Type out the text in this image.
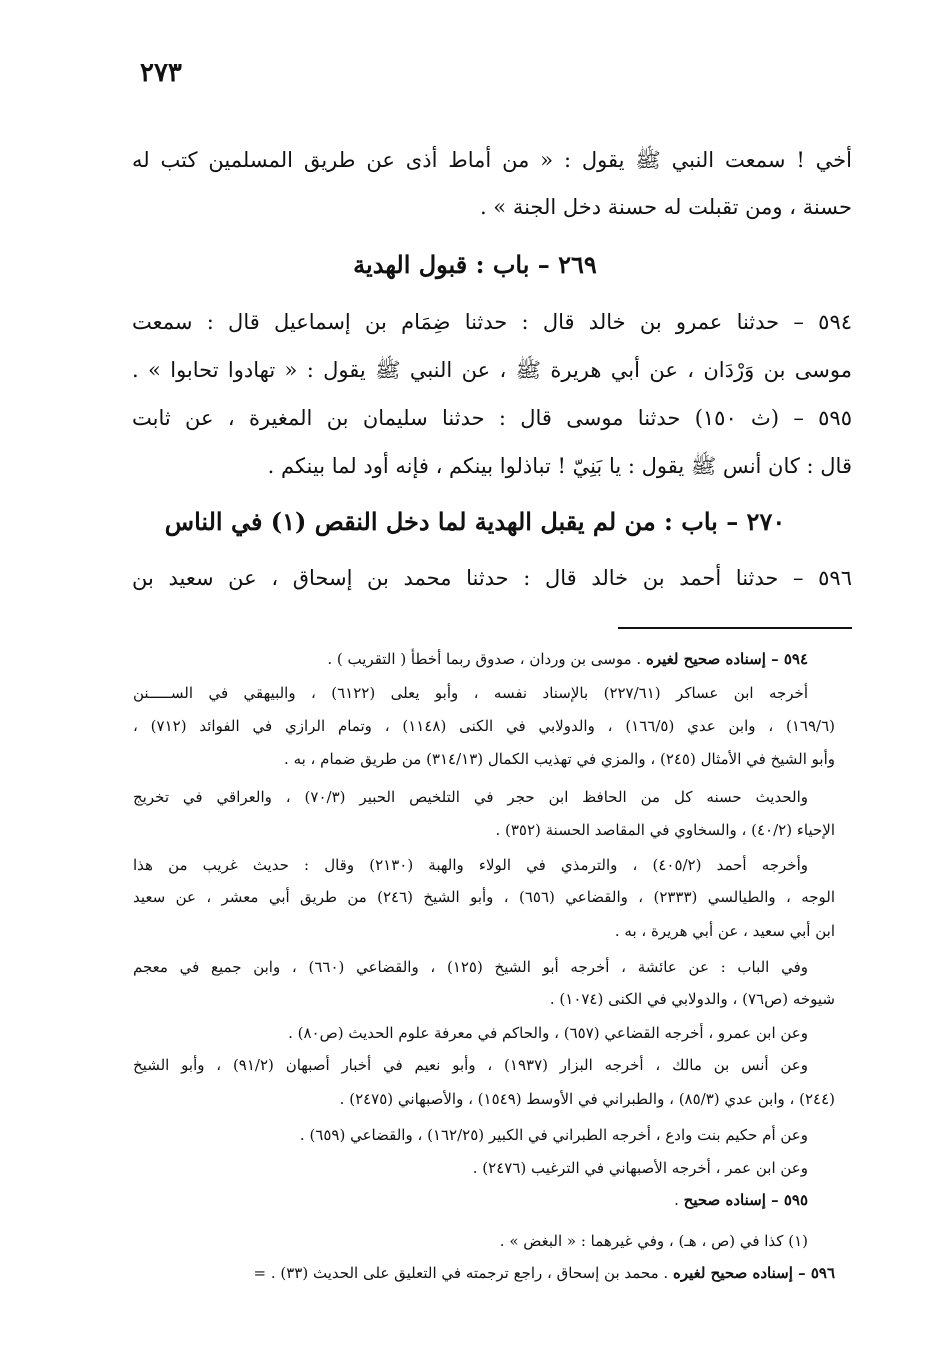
٢٧٣
أخي ! سمعت النبي ﷺ يقول : « من أماط أذى عن طريق المسلمين كتب له
حسنة ، ومن تقبلت له حسنة دخل الجنة » .
٢٦٩ – باب : قبول الهدية
٥٩٤ – حدثنا عمرو بن خالد قال : حدثنا ضِمَام بن إسماعيل قال : سمعت
موسى بن وَرْدَان ، عن أبي هريرة ﷺ ، عن النبي ﷺ يقول : « تهادوا تحابوا » .
٥٩٥ – (ث ١٥٠) حدثنا موسى قال : حدثنا سليمان بن المغيرة ، عن ثابت
قال : كان أنس ﷺ يقول : يا بَنِيّ ! تباذلوا بينكم ، فإنه أود لما بينكم .
٢٧٠ – باب : من لم يقبل الهدية لما دخل النقص (١) في الناس
٥٩٦ – حدثنا أحمد بن خالد قال : حدثنا محمد بن إسحاق ، عن سعيد بن
٥٩٤ – إسناده صحيح لغيره . موسى بن وردان ، صدوق ربما أخطأ ( التقريب ) .
أخرجه ابن عساكر (٢٢٧/٦١) بالإسناد نفسه ، وأبو يعلى (٦١٢٢) ، والبيهقي في السـ‍ـ‍ـ‍ـ‍ـنن
(١٦٩/٦) ، وابن عدي (١٦٦/٥) ، والدولابي في الكنى (١١٤٨) ، وتمام الرازي في الفوائد (٧١٢) ،
وأبو الشيخ في الأمثال (٢٤٥) ، والمزي في تهذيب الكمال (٣١٤/١٣) من طريق ضمام ، به .
والحديث حسنه كل من الحافظ ابن حجر في التلخيص الحبير (٧٠/٣) ، والعراقي في تخريج
الإحياء (٤٠/٢) ، والسخاوي في المقاصد الحسنة (٣٥٢) .
وأخرجه أحمد (٤٠٥/٢) ، والترمذي في الولاء والهبة (٢١٣٠) وقال : حديث غريب من هذا
الوجه ، والطيالسي (٢٣٣٣) ، والقضاعي (٦٥٦) ، وأبو الشيخ (٢٤٦) من طريق أبي معشر ، عن سعيد
ابن أبي سعيد ، عن أبي هريرة ، به .
وفي الباب : عن عائشة ، أخرجه أبو الشيخ (١٢٥) ، والقضاعي (٦٦٠) ، وابن جميع في معجم
شيوخه (ص٧٦) ، والدولابي في الكنى (١٠٧٤) .
وعن ابن عمرو ، أخرجه القضاعي (٦٥٧) ، والحاكم في معرفة علوم الحديث (ص٨٠) .
وعن أنس بن مالك ، أخرجه البزار (١٩٣٧) ، وأبو نعيم في أخبار أصبهان (٩١/٢) ، وأبو الشيخ
(٢٤٤) ، وابن عدي (٨٥/٣) ، والطبراني في الأوسط (١٥٤٩) ، والأصبهاني (٢٤٧٥) .
وعن أم حكيم بنت وادع ، أخرجه الطبراني في الكبير (١٦٢/٢٥) ، والقضاعي (٦٥٩) .
وعن ابن عمر ، أخرجه الأصبهاني في الترغيب (٢٤٧٦) .
٥٩٥ – إسناده صحيح .
(١) كذا في (ص ، هـ) ، وفي غيرهما : « البغض » .
٥٩٦ – إسناده صحيح لغيره . محمد بن إسحاق ، راجع ترجمته في التعليق على الحديث (٣٣) . =
